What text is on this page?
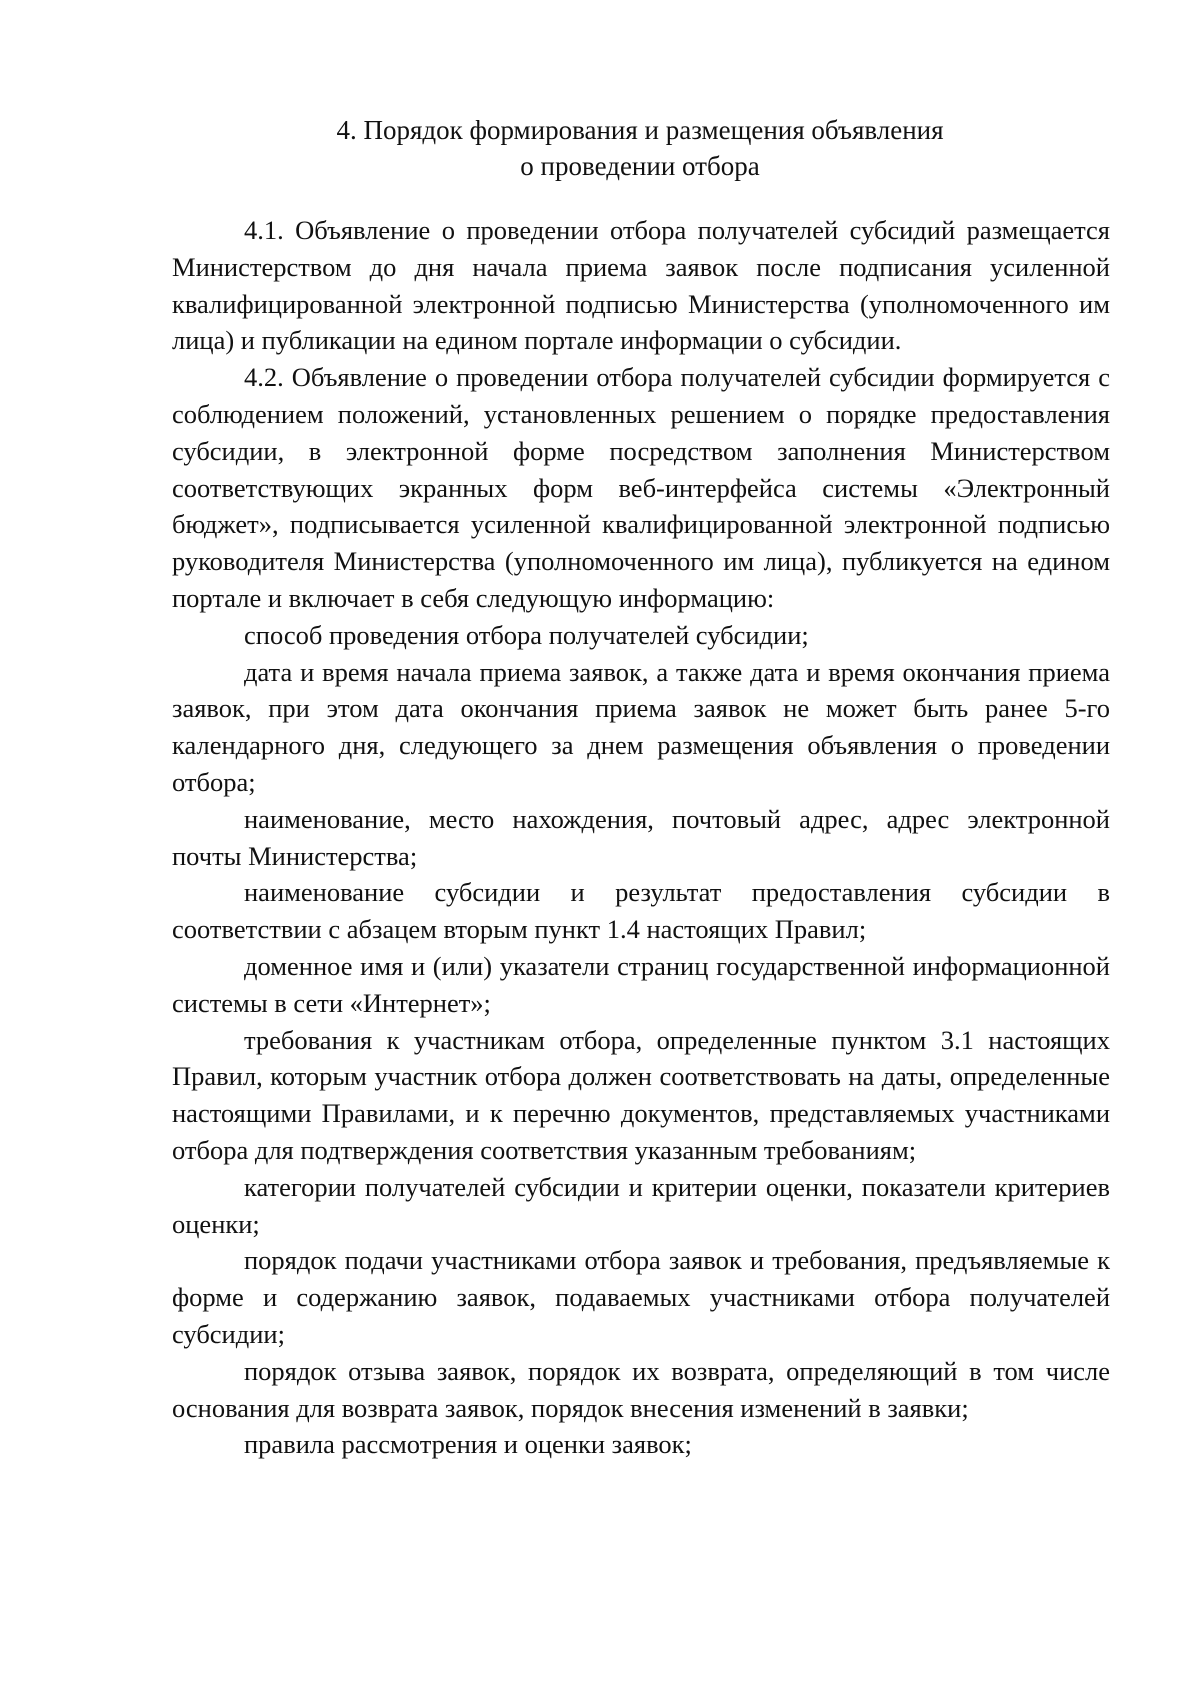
4. Порядок формирования и размещения объявления
о проведении отбора

4.1. Объявление о проведении отбора получателей субсидий размещается Министерством до дня начала приема заявок после подписания усиленной квалифицированной электронной подписью Министерства (уполномоченного им лица) и публикации на едином портале информации о субсидии.

4.2. Объявление о проведении отбора получателей субсидии формируется с соблюдением положений, установленных решением о порядке предоставления субсидии, в электронной форме посредством заполнения Министерством соответствующих экранных форм веб-интерфейса системы «Электронный бюджет», подписывается усиленной квалифицированной электронной подписью руководителя Министерства (уполномоченного им лица), публикуется на едином портале и включает в себя следующую информацию:

способ проведения отбора получателей субсидии;

дата и время начала приема заявок, а также дата и время окончания приема заявок, при этом дата окончания приема заявок не может быть ранее 5-го календарного дня, следующего за днем размещения объявления о проведении отбора;

наименование, место нахождения, почтовый адрес, адрес электронной почты Министерства;

наименование субсидии и результат предоставления субсидии в соответствии с абзацем вторым пункт 1.4 настоящих Правил;

доменное имя и (или) указатели страниц государственной информационной системы в сети «Интернет»;

требования к участникам отбора, определенные пунктом 3.1 настоящих Правил, которым участник отбора должен соответствовать на даты, определенные настоящими Правилами, и к перечню документов, представляемых участниками отбора для подтверждения соответствия указанным требованиям;

категории получателей субсидии и критерии оценки, показатели критериев оценки;

порядок подачи участниками отбора заявок и требования, предъявляемые к форме и содержанию заявок, подаваемых участниками отбора получателей субсидии;

порядок отзыва заявок, порядок их возврата, определяющий в том числе основания для возврата заявок, порядок внесения изменений в заявки;

правила рассмотрения и оценки заявок;
